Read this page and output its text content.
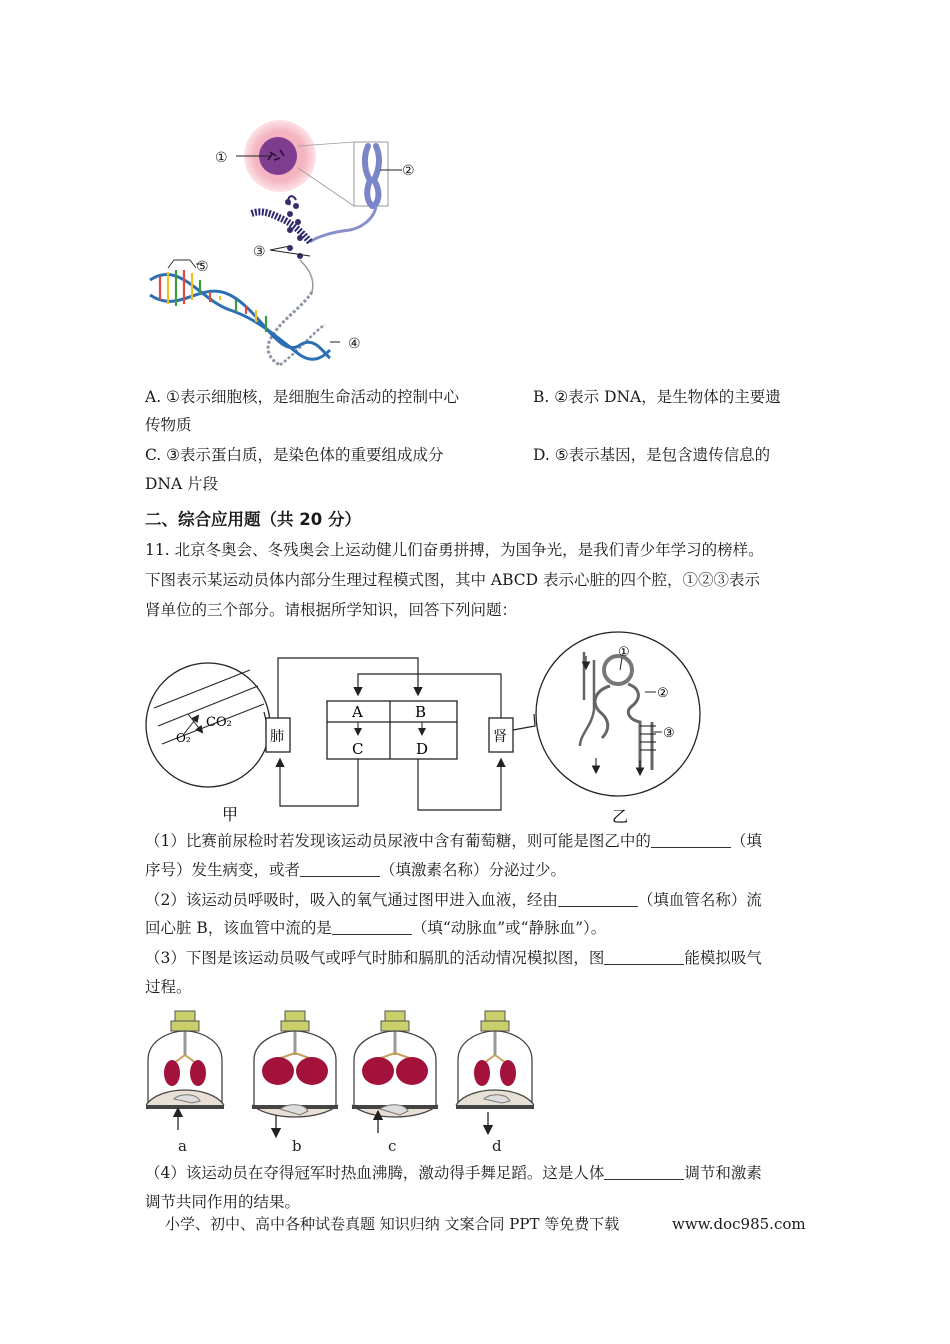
①
②
③
⑤
④
A. ①表示细胞核，是细胞生命活动的控制中心	B. ②表示 DNA，是生物体的主要遗
传物质
C. ③表示蛋白质，是染色体的重要组成成分	D. ⑤表示基因，是包含遗传信息的
DNA 片段
二、综合应用题（共 20 分）
11. 北京冬奥会、冬残奥会上运动健儿们奋勇拼搏，为国争光，是我们青少年学习的榜样。
下图表示某运动员体内部分生理过程模式图，其中 ABCD 表示心脏的四个腔，①②③表示
肾单位的三个部分。请根据所学知识，回答下列问题：
CO₂
O₂	肺
A	B
C	D
肾
①
②
③
甲	乙
（1）比赛前尿检时若发现该运动员尿液中含有葡萄糖，则可能是图乙中的	（填
序号）发生病变，或者	（填激素名称）分泌过少。
（2）该运动员呼吸时，吸入的氧气通过图甲进入血液，经由	（填血管名称）流
回心脏 B，该血管中流的是	（填“动脉血”或“静脉血”）。
（3）下图是该运动员吸气或呼气时肺和膈肌的活动情况模拟图，图	能模拟吸气
过程。
a	b	c	d
（4）该运动员在夺得冠军时热血沸腾，激动得手舞足蹈。这是人体	调节和激素
调节共同作用的结果。
小学、初中、高中各种试卷真题 知识归纳 文案合同 PPT 等免费下载	www.doc985.com
